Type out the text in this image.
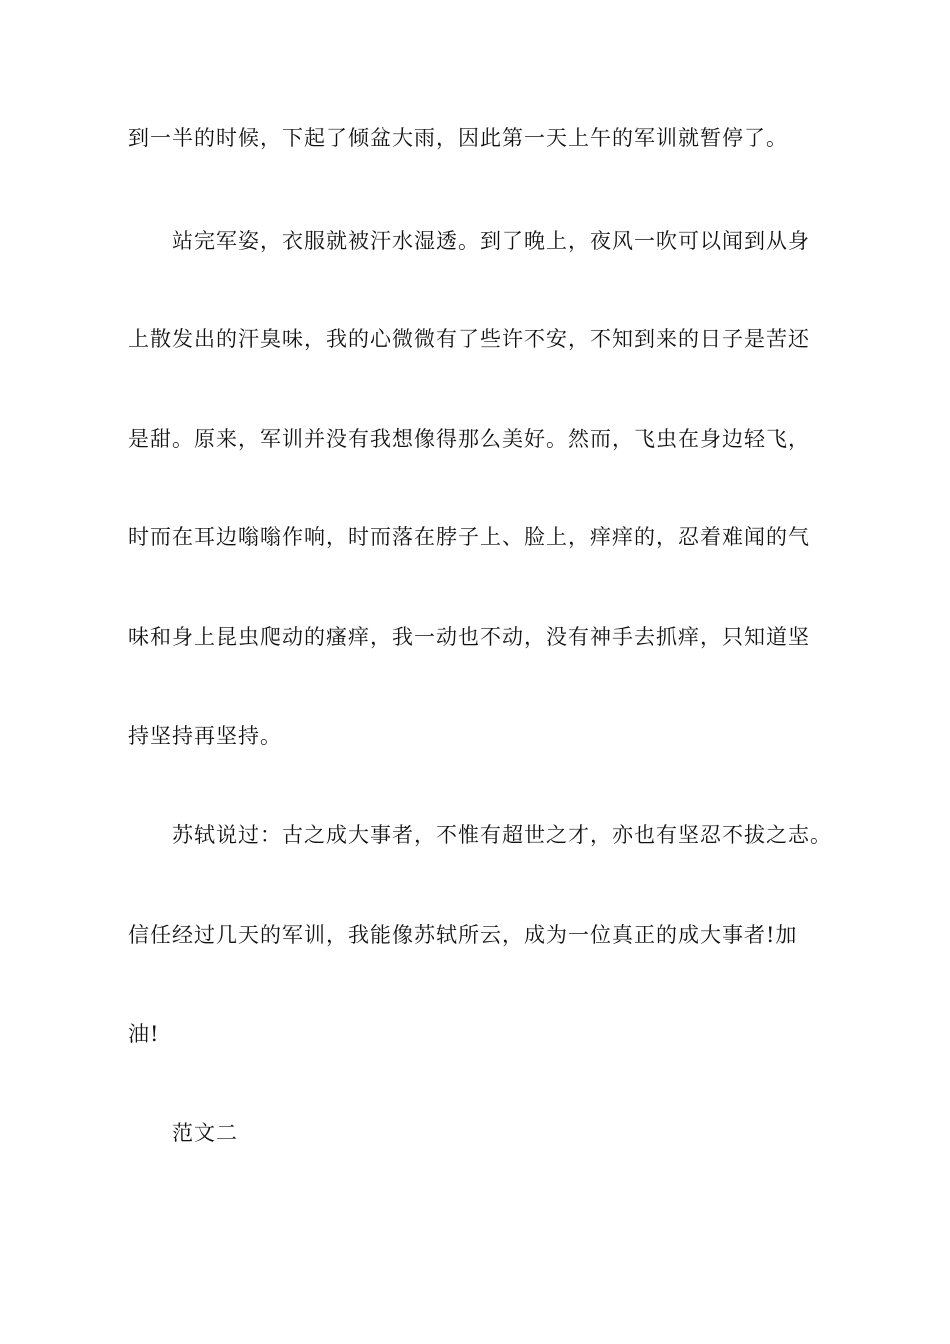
到一半的时候，下起了倾盆大雨，因此第一天上午的军训就暂停了。
站完军姿，衣服就被汗水湿透。到了晚上，夜风一吹可以闻到从身
上散发出的汗臭味，我的心微微有了些许不安，不知到来的日子是苦还
是甜。原来，军训并没有我想像得那么美好。然而，飞虫在身边轻飞，
时而在耳边嗡嗡作响，时而落在脖子上、脸上，痒痒的，忍着难闻的气
味和身上昆虫爬动的瘙痒，我一动也不动，没有神手去抓痒，只知道坚
持坚持再坚持。
苏轼说过：古之成大事者，不惟有超世之才，亦也有坚忍不拔之志。
信任经过几天的军训，我能像苏轼所云，成为一位真正的成大事者!加
油!
范文二
